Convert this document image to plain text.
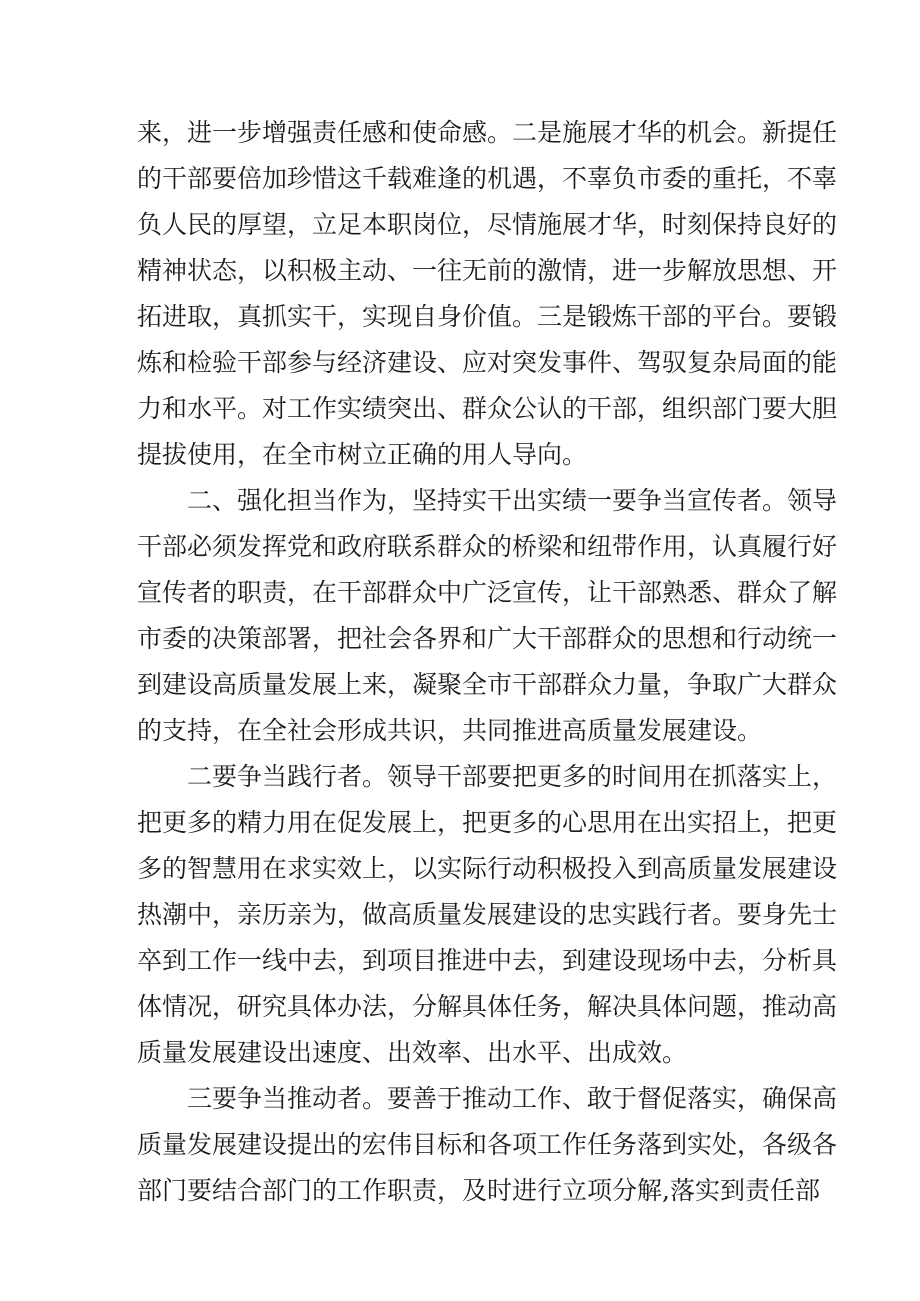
来，进一步增强责任感和使命感。二是施展才华的机会。新提任
的干部要倍加珍惜这千载难逢的机遇，不辜负市委的重托，不辜
负人民的厚望，立足本职岗位，尽情施展才华，时刻保持良好的
精神状态，以积极主动、一往无前的激情，进一步解放思想、开
拓进取，真抓实干，实现自身价值。三是锻炼干部的平台。要锻
炼和检验干部参与经济建设、应对突发事件、驾驭复杂局面的能
力和水平。对工作实绩突出、群众公认的干部，组织部门要大胆
提拔使用，在全市树立正确的用人导向。
二、强化担当作为，坚持实干出实绩一要争当宣传者。领导
干部必须发挥党和政府联系群众的桥梁和纽带作用，认真履行好
宣传者的职责，在干部群众中广泛宣传，让干部熟悉、群众了解
市委的决策部署，把社会各界和广大干部群众的思想和行动统一
到建设高质量发展上来，凝聚全市干部群众力量，争取广大群众
的支持，在全社会形成共识，共同推进高质量发展建设。
二要争当践行者。领导干部要把更多的时间用在抓落实上，
把更多的精力用在促发展上，把更多的心思用在出实招上，把更
多的智慧用在求实效上，以实际行动积极投入到高质量发展建设
热潮中，亲历亲为，做高质量发展建设的忠实践行者。要身先士
卒到工作一线中去，到项目推进中去，到建设现场中去，分析具
体情况，研究具体办法，分解具体任务，解决具体问题，推动高
质量发展建设出速度、出效率、出水平、出成效。
三要争当推动者。要善于推动工作、敢于督促落实，确保高
质量发展建设提出的宏伟目标和各项工作任务落到实处，各级各
部门要结合部门的工作职责，及时进行立项分解,落实到责任部
